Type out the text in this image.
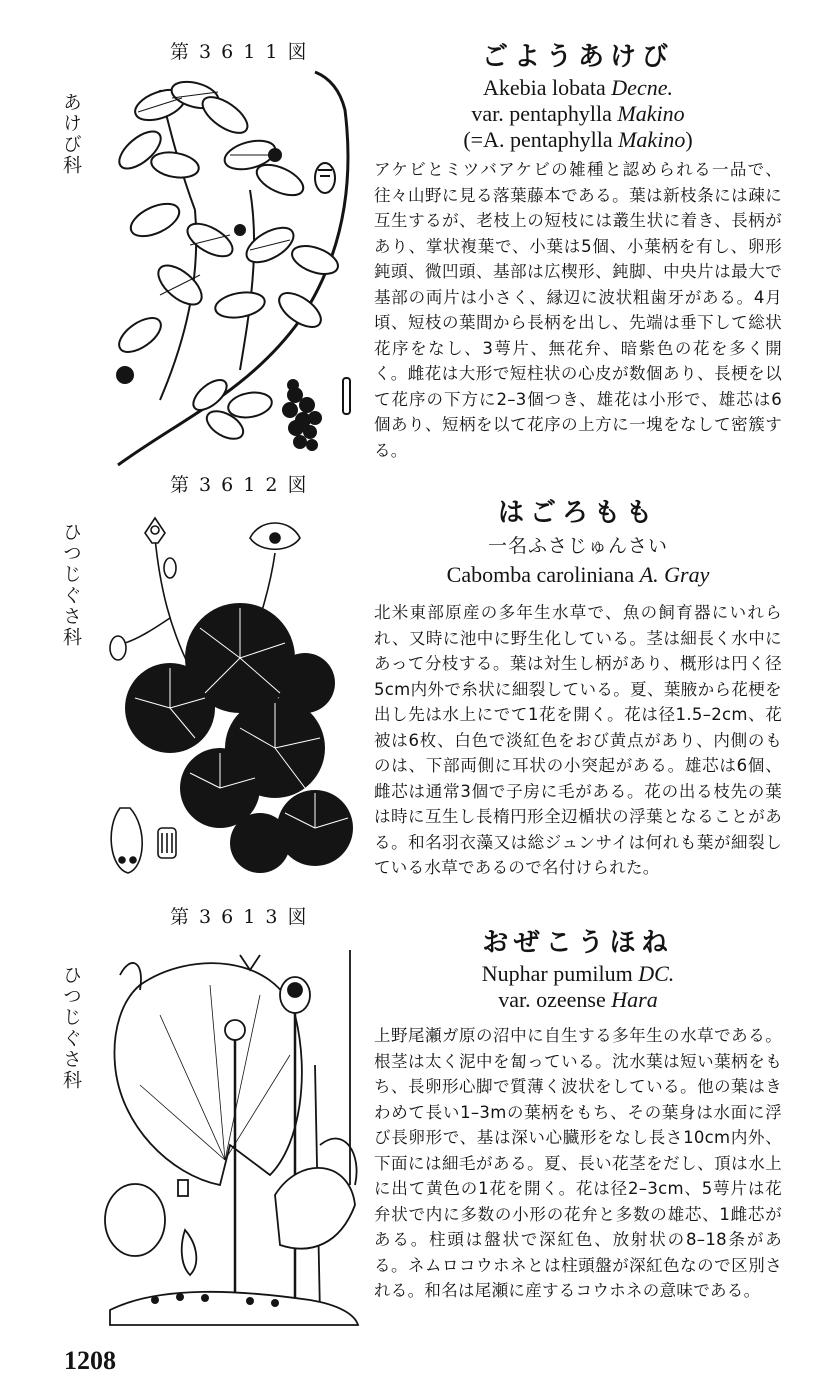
第 3 6 1 1 図
あけび科
ごようあけび

Akebia lobata Decne.

var. pentaphylla Makino

(=A. pentaphylla Makino)

アケビとミツバアケビの雑種と認められる一品で、往々山野に見る落葉藤本である。葉は新枝条には疎に互生するが、老枝上の短枝には叢生状に着き、長柄があり、掌状複葉で、小葉は5個、小葉柄を有し、卵形鈍頭、微凹頭、基部は広楔形、鈍脚、中央片は最大で基部の両片は小さく、縁辺に波状粗歯牙がある。4月頃、短枝の葉間から長柄を出し、先端は垂下して総状花序をなし、3萼片、無花弁、暗紫色の花を多く開く。雌花は大形で短柱状の心皮が数個あり、長梗を以て花序の下方に2–3個つき、雄花は小形で、雄芯は6個あり、短柄を以て花序の上方に一塊をなして密簇する。

第 3 6 1 2 図
ひつじぐさ科
はごろもも
一名ふさじゅんさい

Cabomba caroliniana A. Gray

北米東部原産の多年生水草で、魚の飼育器にいれられ、又時に池中に野生化している。茎は細長く水中にあって分枝する。葉は対生し柄があり、概形は円く径5cm内外で糸状に細裂している。夏、葉腋から花梗を出し先は水上にでて1花を開く。花は径1.5–2cm、花被は6枚、白色で淡紅色をおび黄点があり、内側のものは、下部両側に耳状の小突起がある。雄芯は6個、雌芯は通常3個で子房に毛がある。花の出る枝先の葉は時に互生し長楕円形全辺楯状の浮葉となることがある。和名羽衣藻又は総ジュンサイは何れも葉が細裂している水草であるので名付けられた。

第 3 6 1 3 図
ひつじぐさ科
おぜこうほね

Nuphar pumilum DC.

var. ozeense Hara

上野尾瀬ガ原の沼中に自生する多年生の水草である。根茎は太く泥中を匐っている。沈水葉は短い葉柄をもち、長卵形心脚で質薄く波状をしている。他の葉はきわめて長い1–3mの葉柄をもち、その葉身は水面に浮び長卵形で、基は深い心臓形をなし長さ10cm内外、下面には細毛がある。夏、長い花茎をだし、頂は水上に出て黄色の1花を開く。花は径2–3cm、5萼片は花弁状で内に多数の小形の花弁と多数の雄芯、1雌芯がある。柱頭は盤状で深紅色、放射状の8–18条がある。ネムロコウホネとは柱頭盤が深紅色なので区別される。和名は尾瀬に産するコウホネの意味である。

1208
